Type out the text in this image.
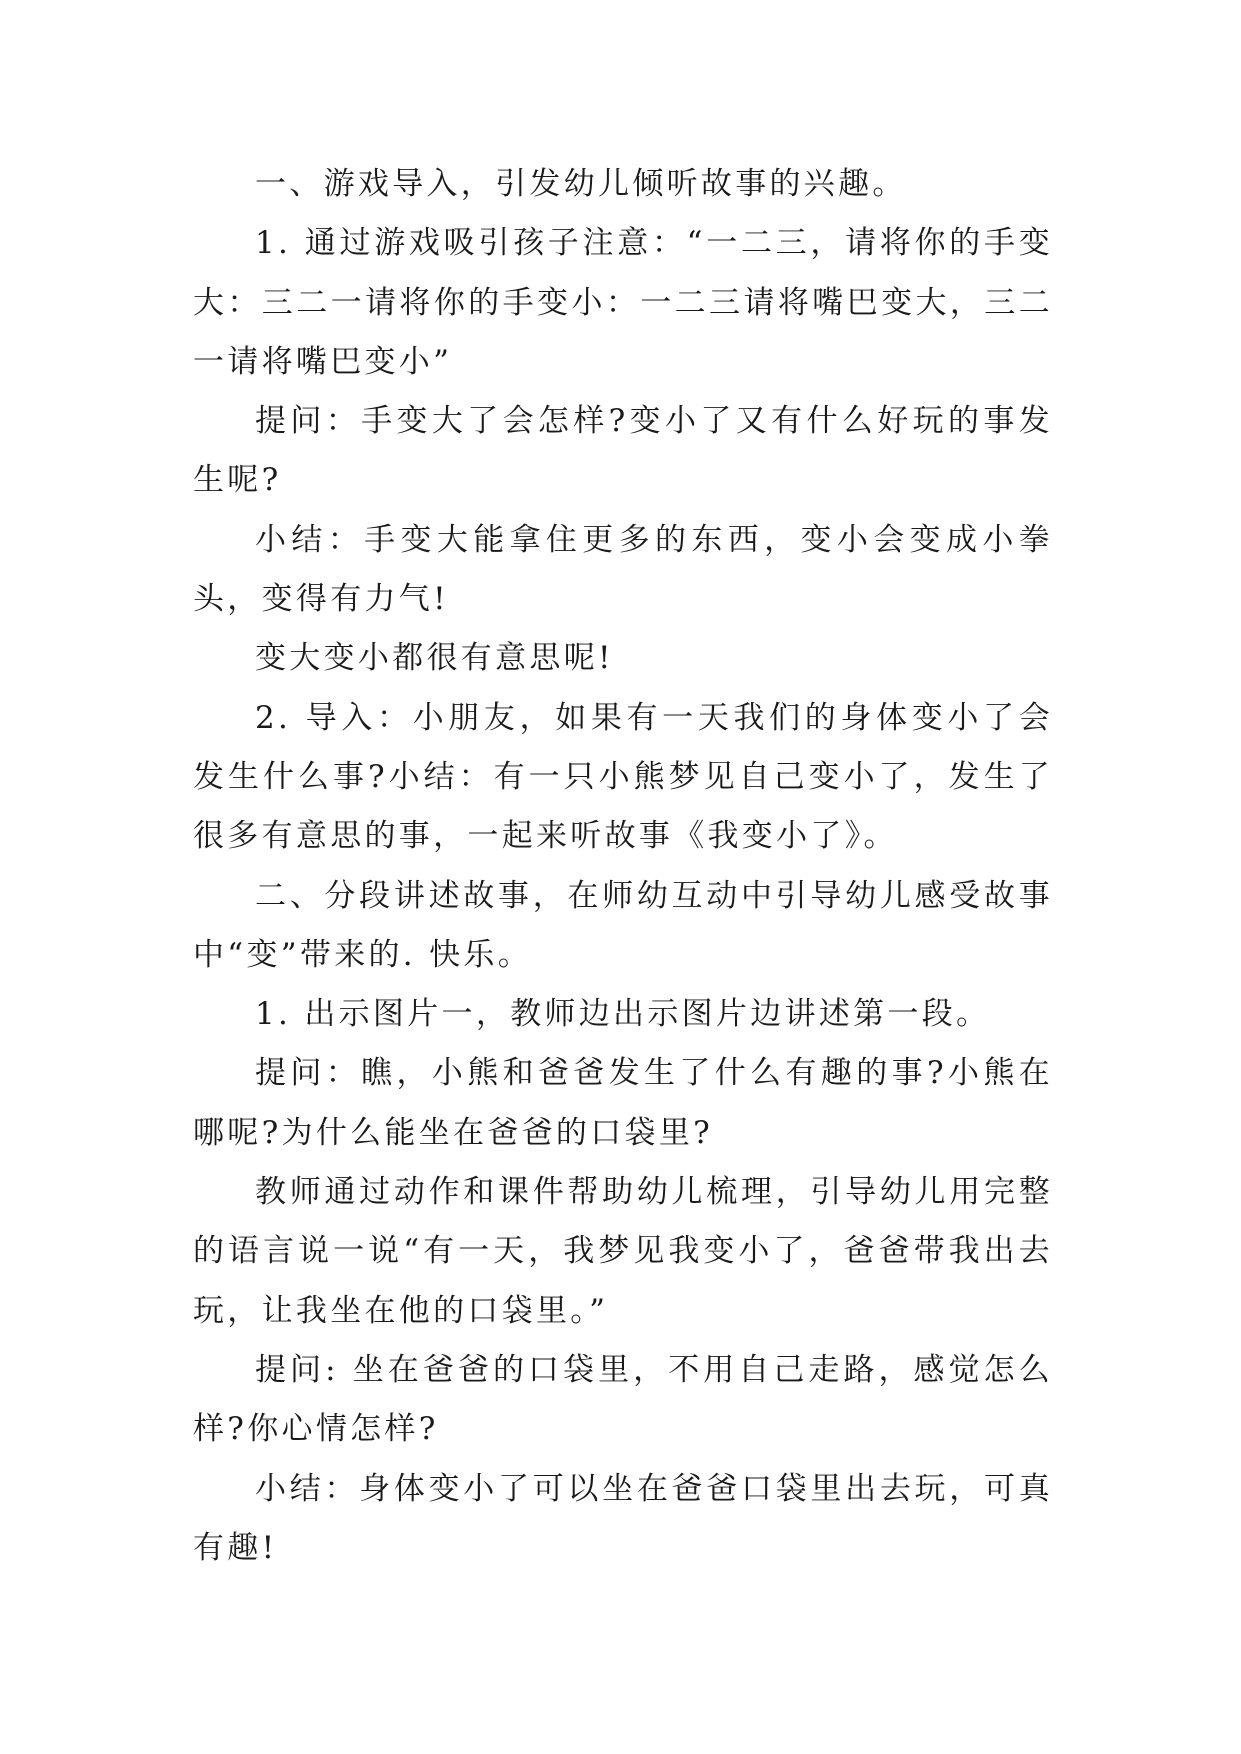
一、游戏导入，引发幼儿倾听故事的兴趣。

1. 通过游戏吸引孩子注意：“一二三，请将你的手变大：三二一请将你的手变小：一二三请将嘴巴变大，三二一请将嘴巴变小”

提问：手变大了会怎样?变小了又有什么好玩的事发生呢?

小结：手变大能拿住更多的东西，变小会变成小拳头，变得有力气!

变大变小都很有意思呢!

2. 导入：小朋友，如果有一天我们的身体变小了会发生什么事?小结：有一只小熊梦见自己变小了，发生了很多有意思的事，一起来听故事《我变小了》。

二、分段讲述故事，在师幼互动中引导幼儿感受故事中“变”带来的. 快乐。

1. 出示图片一，教师边出示图片边讲述第一段。

提问：瞧，小熊和爸爸发生了什么有趣的事?小熊在哪呢?为什么能坐在爸爸的口袋里?

教师通过动作和课件帮助幼儿梳理，引导幼儿用完整的语言说一说“有一天，我梦见我变小了，爸爸带我出去玩，让我坐在他的口袋里。”

提问: 坐在爸爸的口袋里，不用自己走路，感觉怎么样?你心情怎样?

小结：身体变小了可以坐在爸爸口袋里出去玩，可真有趣!
